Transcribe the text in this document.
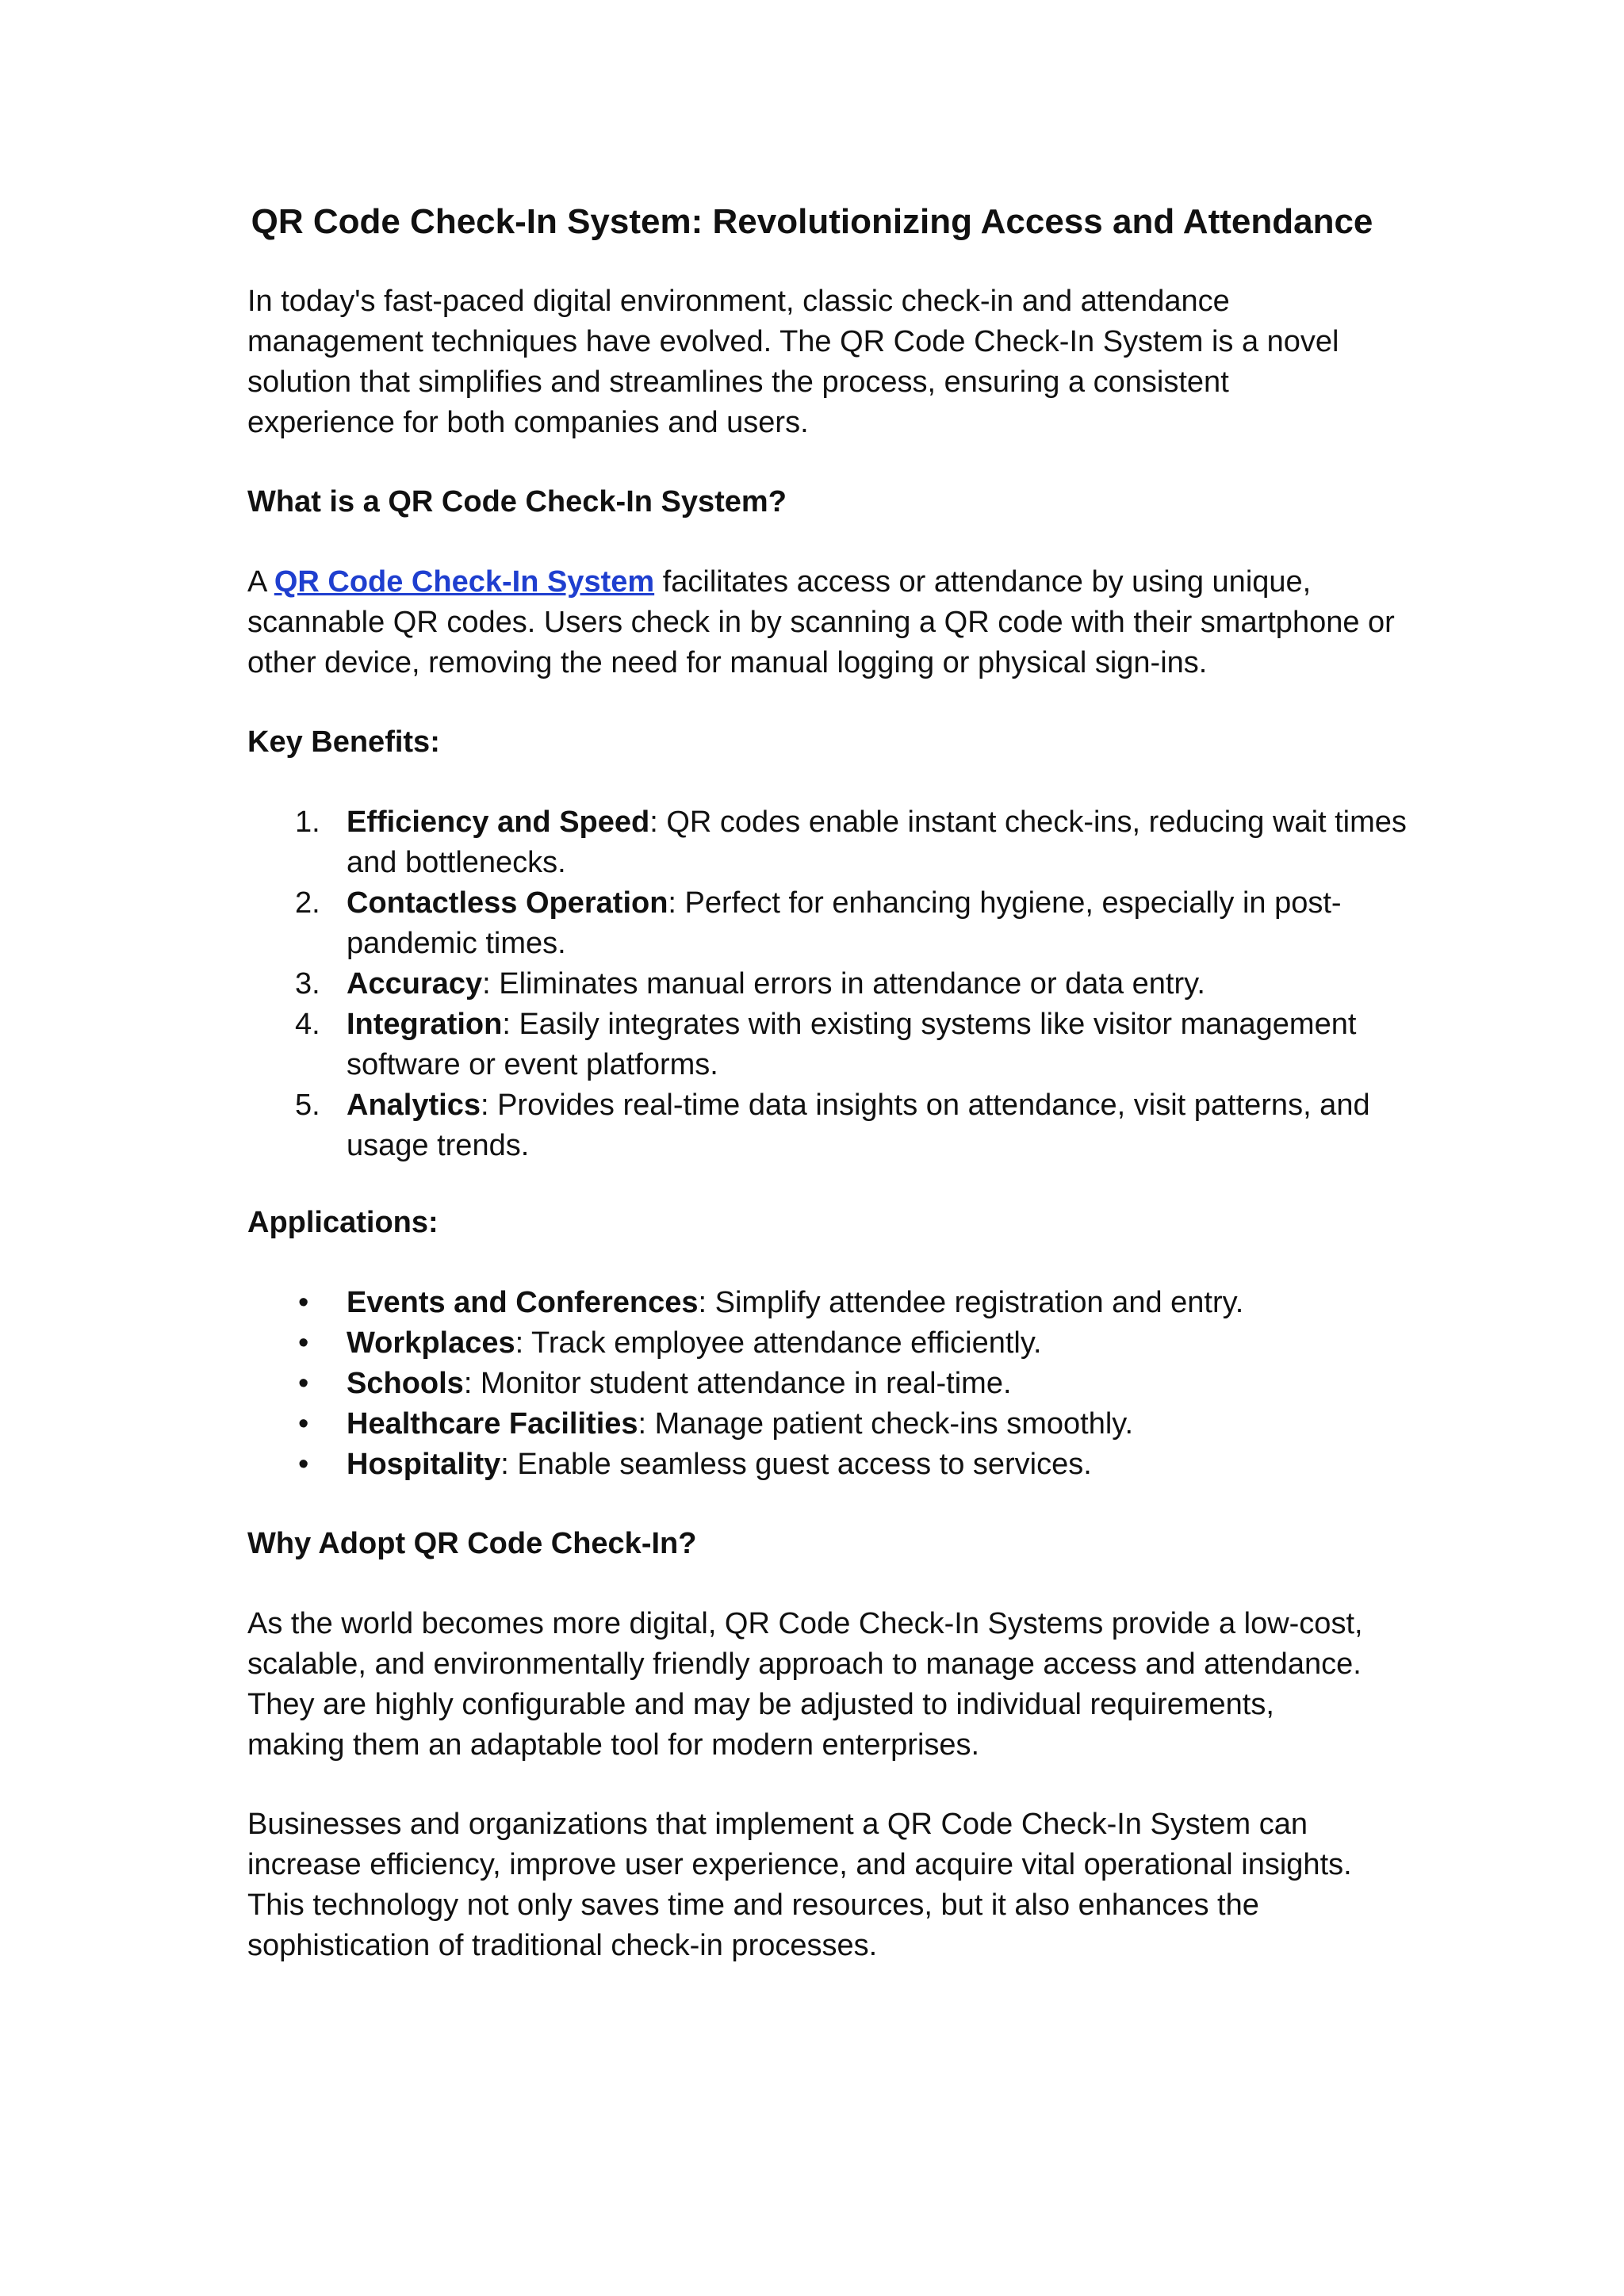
QR Code Check-In System: Revolutionizing Access and Attendance

In today's fast-paced digital environment, classic check-in and attendance
management techniques have evolved. The QR Code Check-In System is a novel
solution that simplifies and streamlines the process, ensuring a consistent
experience for both companies and users.

What is a QR Code Check-In System?

A QR Code Check-In System facilitates access or attendance by using unique,
scannable QR codes. Users check in by scanning a QR code with their smartphone or
other device, removing the need for manual logging or physical sign-ins.

Key Benefits:

1. Efficiency and Speed: QR codes enable instant check-ins, reducing wait times
and bottlenecks.
2. Contactless Operation: Perfect for enhancing hygiene, especially in post-
pandemic times.
3. Accuracy: Eliminates manual errors in attendance or data entry.
4. Integration: Easily integrates with existing systems like visitor management
software or event platforms.
5. Analytics: Provides real-time data insights on attendance, visit patterns, and
usage trends.

Applications:

• Events and Conferences: Simplify attendee registration and entry.
• Workplaces: Track employee attendance efficiently.
• Schools: Monitor student attendance in real-time.
• Healthcare Facilities: Manage patient check-ins smoothly.
• Hospitality: Enable seamless guest access to services.

Why Adopt QR Code Check-In?

As the world becomes more digital, QR Code Check-In Systems provide a low-cost,
scalable, and environmentally friendly approach to manage access and attendance.
They are highly configurable and may be adjusted to individual requirements,
making them an adaptable tool for modern enterprises.

Businesses and organizations that implement a QR Code Check-In System can
increase efficiency, improve user experience, and acquire vital operational insights.
This technology not only saves time and resources, but it also enhances the
sophistication of traditional check-in processes.
